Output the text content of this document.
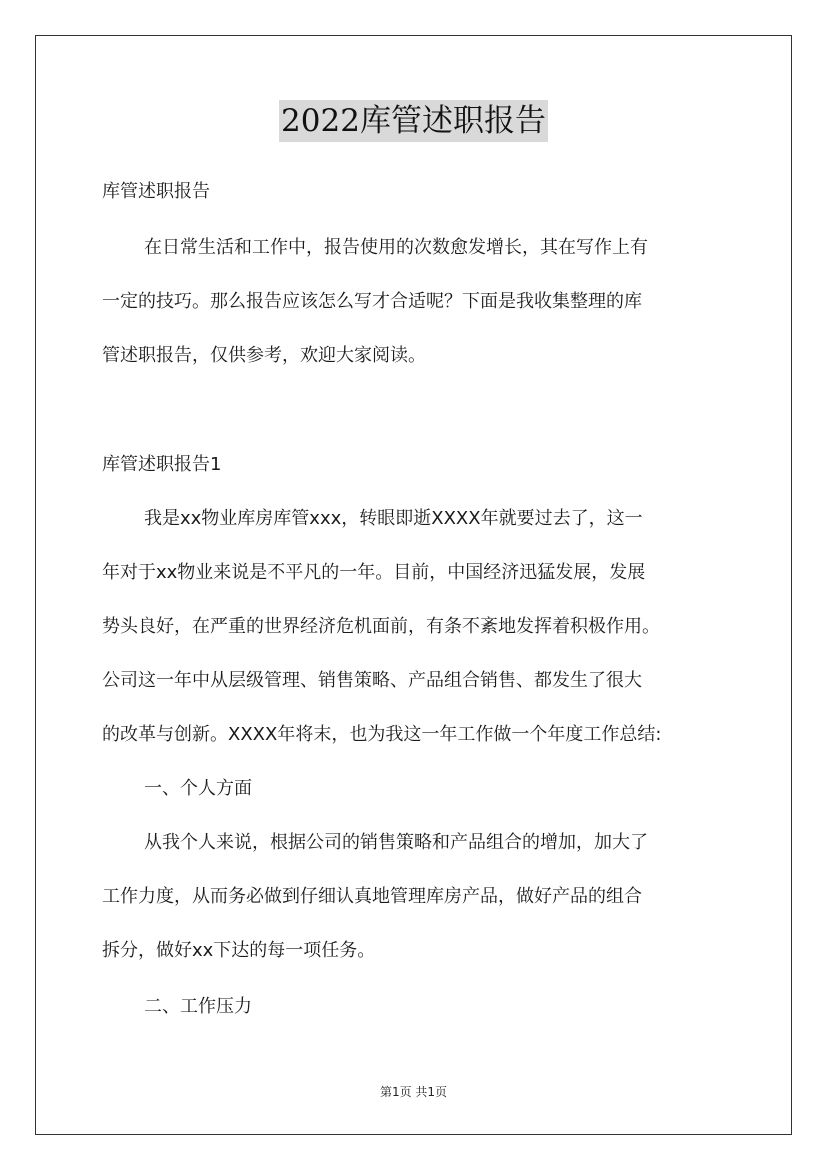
2022库管述职报告

库管述职报告

在日常生活和工作中，报告使用的次数愈发增长，其在写作上有

一定的技巧。那么报告应该怎么写才合适呢？下面是我收集整理的库

管述职报告，仅供参考，欢迎大家阅读。

库管述职报告1

我是xx物业库房库管xxx，转眼即逝XXXX年就要过去了，这一

年对于xx物业来说是不平凡的一年。目前，中国经济迅猛发展，发展

势头良好，在严重的世界经济危机面前，有条不紊地发挥着积极作用。

公司这一年中从层级管理、销售策略、产品组合销售、都发生了很大

的改革与创新。XXXX年将末，也为我这一年工作做一个年度工作总结:

一、个人方面

从我个人来说，根据公司的销售策略和产品组合的增加，加大了

工作力度，从而务必做到仔细认真地管理库房产品，做好产品的组合

拆分，做好xx下达的每一项任务。

二、工作压力

第1页 共1页
